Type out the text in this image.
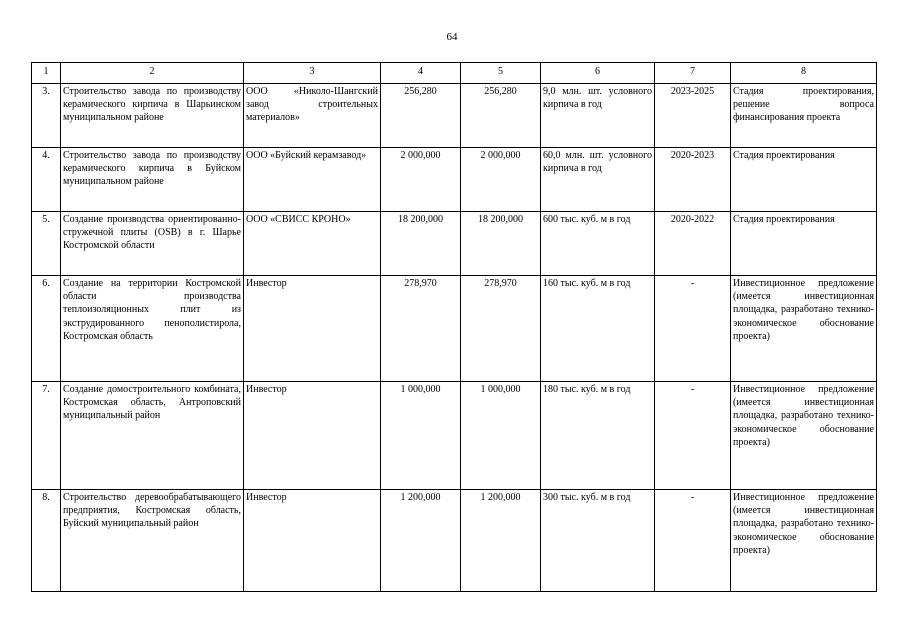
64
1	2	3	4	5	6	7	8
3.	Строительство завода по производству керамического кирпича в Шарьинском муниципальном районе	ООО «Николо-Шангский завод строительных материалов»	256,280	256,280	9,0 млн. шт. условного кирпича в год	2023-2025	Стадия проектирования, решение вопроса финансирования проекта
4.	Строительство завода по производству керамического кирпича в Буйском муниципальном районе	ООО «Буйский керамзавод»	2 000,000	2 000,000	60,0 млн. шт. условного кирпича в год	2020-2023	Стадия проектирования
5.	Создание производства ориентированно-стружечной плиты (OSB) в г. Шарье Костромской области	ООО «СВИСС КРОНО»	18 200,000	18 200,000	600 тыс. куб. м в год	2020-2022	Стадия проектирования
6.	Создание на территории Костромской области производства теплоизоляционных плит из экструдированного пенополистирола, Костромская область	Инвестор	278,970	278,970	160 тыс. куб. м в год	-	Инвестиционное предложение (имеется инвестиционная площадка, разработано технико-экономическое обоснование проекта)
7.	Создание домостроительного комбината, Костромская область, Антроповский муниципальный район	Инвестор	1 000,000	1 000,000	180 тыс. куб. м в год	-	Инвестиционное предложение (имеется инвестиционная площадка, разработано технико-экономическое обоснование проекта)
8.	Строительство деревообрабатывающего предприятия, Костромская область, Буйский муниципальный район	Инвестор	1 200,000	1 200,000	300 тыс. куб. м в год	-	Инвестиционное предложение (имеется инвестиционная площадка, разработано технико-экономическое обоснование проекта)
